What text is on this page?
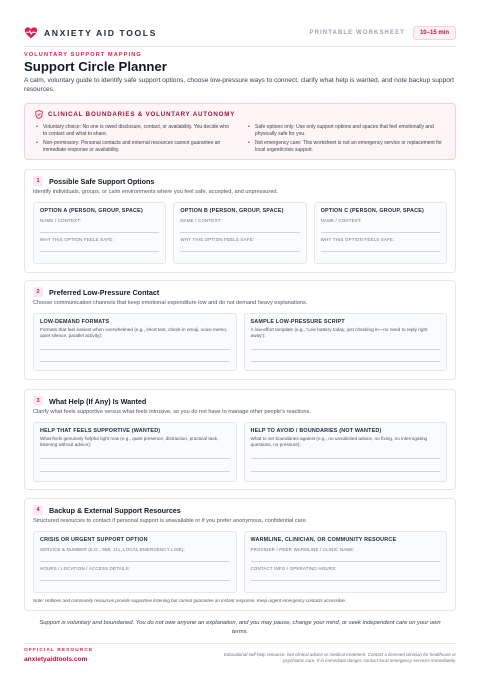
ANXIETY AID TOOLS	PRINTABLE WORKSHEET	10–15 min
VOLUNTARY SUPPORT MAPPING
Support Circle Planner
A calm, voluntary guide to identify safe support options, choose low-pressure ways to connect, clarify what help is wanted, and note backup support resources.
CLINICAL BOUNDARIES & VOLUNTARY AUTONOMY
• Voluntary choice: No one is owed disclosure, contact, or availability. You decide who to contact and what to share.
• Safe options only: Use only support options and spaces that feel emotionally and physically safe for you.
• Non-promissory: Personal contacts and external resources cannot guarantee an immediate response or availability.
• Not emergency care: This worksheet is not an emergency service or replacement for local urgent/crisis support.
1	Possible Safe Support Options
Identify individuals, groups, or calm environments where you feel safe, accepted, and unpressured.
OPTION A (PERSON, GROUP, SPACE)
NAME / CONTEXT:
WHY THIS OPTION FEELS SAFE:
OPTION B (PERSON, GROUP, SPACE)
NAME / CONTEXT:
WHY THIS OPTION FEELS SAFE:
OPTION C (PERSON, GROUP, SPACE)
NAME / CONTEXT:
WHY THIS OPTION FEELS SAFE:
2	Preferred Low-Pressure Contact
Choose communication channels that keep emotional expenditure low and do not demand heavy explanations.
LOW-DEMAND FORMATS
Formats that feel easiest when overwhelmed (e.g., short text, check-in emoji, voice memo, quiet silence, parallel activity):
SAMPLE LOW-PRESSURE SCRIPT
A low-effort template (e.g., 'Low battery today, just checking in—no need to reply right away'):
3	What Help (If Any) Is Wanted
Clarify what feels supportive versus what feels intrusive, so you do not have to manage other people's reactions.
HELP THAT FEELS SUPPORTIVE (WANTED)
What feels genuinely helpful right now (e.g., quiet presence, distraction, practical task, listening without advice):
HELP TO AVOID / BOUNDARIES (NOT WANTED)
What to set boundaries against (e.g., no unsolicited advice, no fixing, no interrogating questions, no pressure):
4	Backup & External Support Resources
Structured resources to contact if personal support is unavailable or if you prefer anonymous, confidential care.
CRISIS OR URGENT SUPPORT OPTION
SERVICE & NUMBER (E.G., 988, 111, LOCAL EMERGENCY LINE):
HOURS / LOCATION / ACCESS DETAILS:
WARMLINE, CLINICIAN, OR COMMUNITY RESOURCE
PROVIDER / PEER WARMLINE / CLINIC NAME:
CONTACT INFO / OPERATING HOURS:
Note: Hotlines and community resources provide supportive listening but cannot guarantee an instant response. Keep urgent emergency contacts accessible.
Support is voluntary and boundaried. You do not owe anyone an explanation, and you may pause, change your mind, or seek independent care on your own terms.
OFFICIAL RESOURCE
anxietyaidtools.com
Educational self-help resource. Not clinical advice or medical treatment. Contact a licensed clinician for healthcare or psychiatric care. If in immediate danger, contact local emergency services immediately.
